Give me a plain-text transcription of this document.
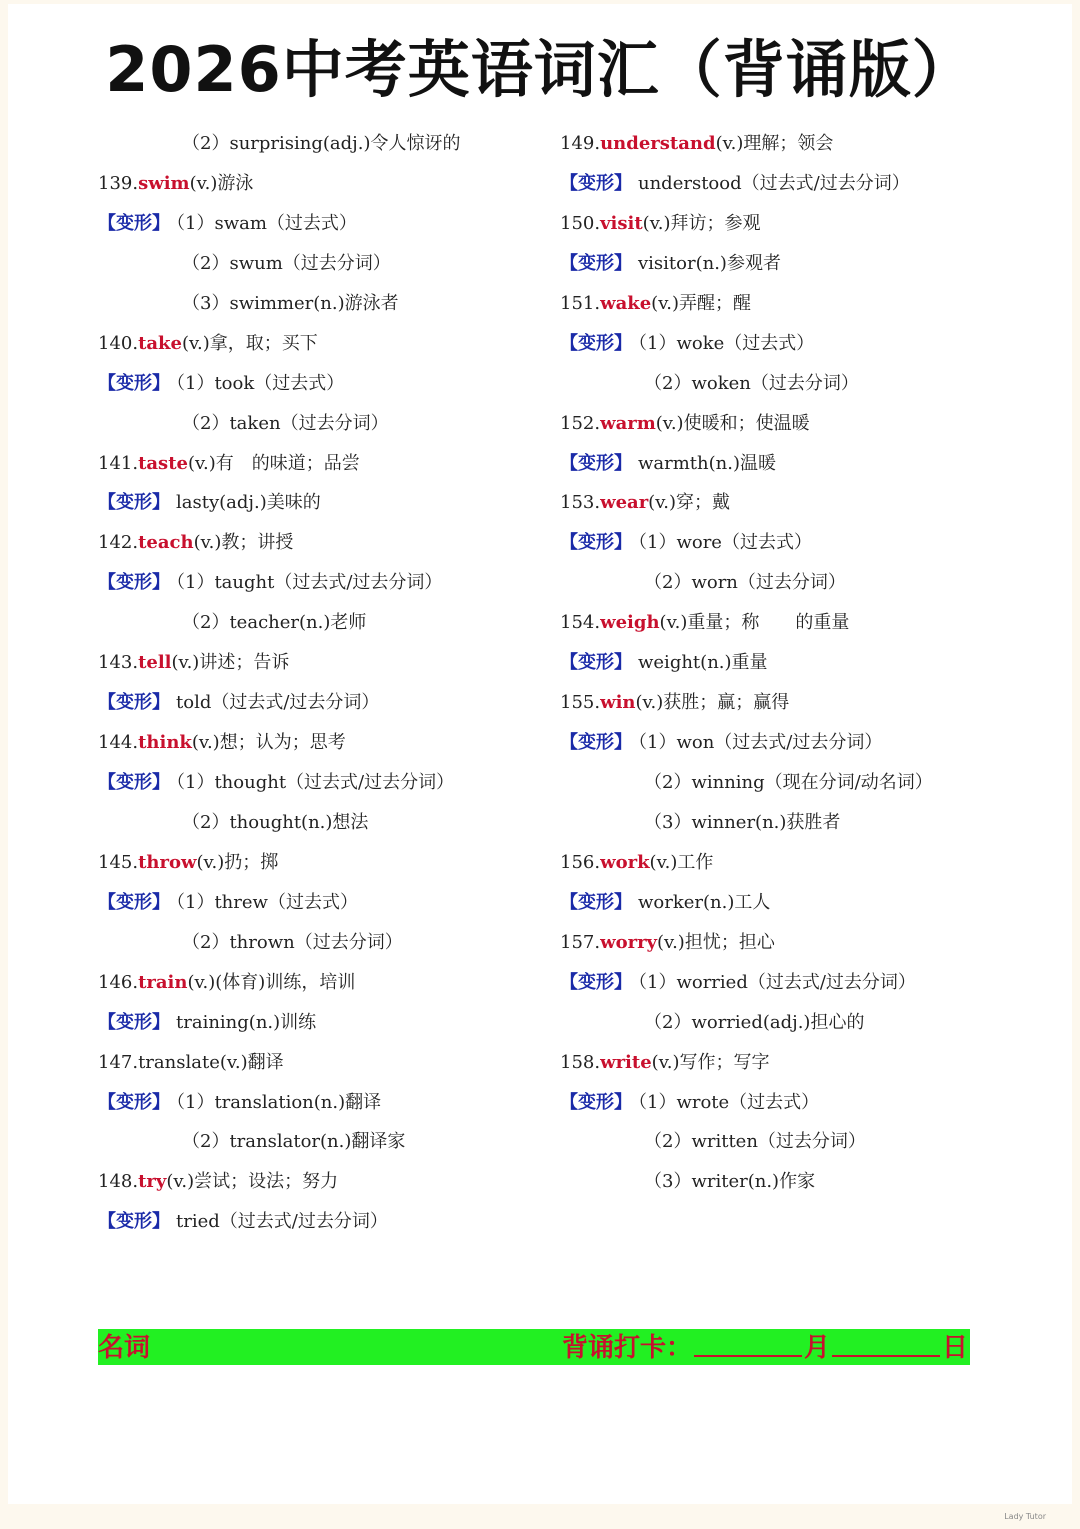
2026中考英语词汇（背诵版）
（2）surprising(adj.)令人惊讶的
139.swim(v.)游泳
【变形】 （1）swam（过去式）
（2）swum（过去分词）
（3）swimmer(n.)游泳者
140.take(v.)拿，取；买下
【变形】 （1）took（过去式）
（2）taken（过去分词）
141.taste(v.)有　的味道；品尝
【变形】 lasty(adj.)美味的
142.teach(v.)教；讲授
【变形】 （1）taught（过去式/过去分词）
（2）teacher(n.)老师
143.tell(v.)讲述；告诉
【变形】 told（过去式/过去分词）
144.think(v.)想；认为；思考
【变形】 （1）thought（过去式/过去分词）
（2）thought(n.)想法
145.throw(v.)扔；掷
【变形】 （1）threw（过去式）
（2）thrown（过去分词）
146.train(v.)(体育)训练，培训
【变形】 training(n.)训练
147.translate(v.)翻译
【变形】 （1）translation(n.)翻译
（2）translator(n.)翻译家
148.try(v.)尝试；设法；努力
【变形】 tried（过去式/过去分词）
149.understand(v.)理解；领会
【变形】 understood（过去式/过去分词）
150.visit(v.)拜访；参观
【变形】 visitor(n.)参观者
151.wake(v.)弄醒；醒
【变形】 （1）woke（过去式）
（2）woken（过去分词）
152.warm(v.)使暖和；使温暖
【变形】 warmth(n.)温暖
153.wear(v.)穿；戴
【变形】 （1）wore（过去式）
（2）worn（过去分词）
154.weigh(v.)重量；称　　的重量
【变形】 weight(n.)重量
155.win(v.)获胜；赢；赢得
【变形】 （1）won（过去式/过去分词）
（2）winning（现在分词/动名词）
（3）winner(n.)获胜者
156.work(v.)工作
【变形】 worker(n.)工人
157.worry(v.)担忧；担心
【变形】 （1）worried（过去式/过去分词）
（2）worried(adj.)担心的
158.write(v.)写作；写字
【变形】 （1）wrote（过去式）
（2）written（过去分词）
（3）writer(n.)作家
名词	背诵打卡：	月	日
Lady Tutor
